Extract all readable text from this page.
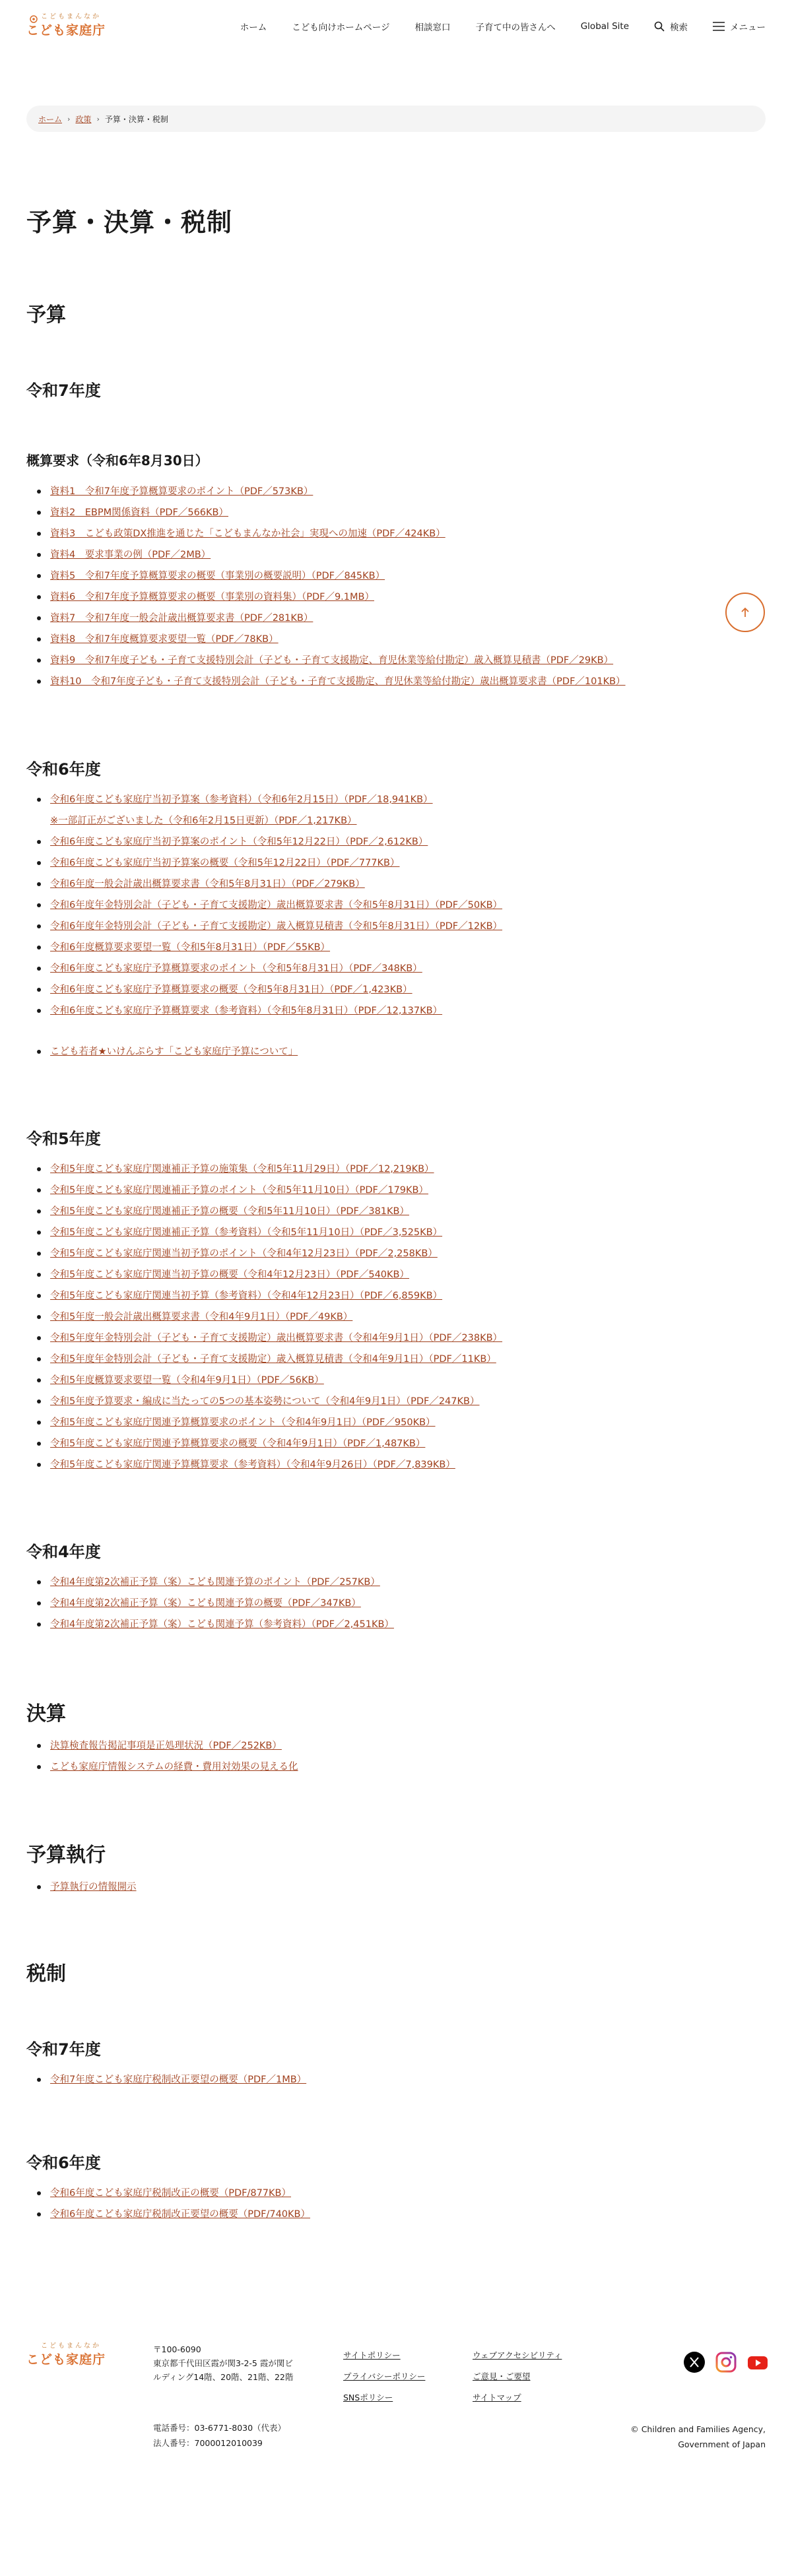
こどもまんなか
こども家庭庁	ホーム	こども向けホームページ	相談窓口	子育て中の皆さんへ	Global Site	検索	メニュー
ホーム › 政策 › 予算・決算・税制
予算・決算・税制
予算
令和7年度
概算要求（令和6年8月30日）
資料1　令和7年度予算概算要求のポイント（PDF／573KB）
資料2　EBPM関係資料（PDF／566KB）
資料3　こども政策DX推進を通じた「こどもまんなか社会」実現への加速（PDF／424KB）
資料4　要求事業の例（PDF／2MB）
資料5　令和7年度予算概算要求の概要（事業別の概要説明）（PDF／845KB）
資料6　令和7年度予算概算要求の概要（事業別の資料集）（PDF／9.1MB）
資料7　令和7年度一般会計歳出概算要求書（PDF／281KB）
資料8　令和7年度概算要求要望一覧（PDF／78KB）
資料9　令和7年度子ども・子育て支援特別会計（子ども・子育て支援勘定、育児休業等給付勘定）歳入概算見積書（PDF／29KB）
資料10　令和7年度子ども・子育て支援特別会計（子ども・子育て支援勘定、育児休業等給付勘定）歳出概算要求書（PDF／101KB）
令和6年度
令和6年度こども家庭庁当初予算案（参考資料）（令和6年2月15日）（PDF／18,941KB）
※一部訂正がございました（令和6年2月15日更新）（PDF／1,217KB）
令和6年度こども家庭庁当初予算案のポイント（令和5年12月22日）（PDF／2,612KB）
令和6年度こども家庭庁当初予算案の概要（令和5年12月22日）（PDF／777KB）
令和6年度一般会計歳出概算要求書（令和5年8月31日）（PDF／279KB）
令和6年度年金特別会計（子ども・子育て支援勘定）歳出概算要求書（令和5年8月31日）（PDF／50KB）
令和6年度年金特別会計（子ども・子育て支援勘定）歳入概算見積書（令和5年8月31日）（PDF／12KB）
令和6年度概算要求要望一覧（令和5年8月31日）（PDF／55KB）
令和6年度こども家庭庁予算概算要求のポイント（令和5年8月31日）（PDF／348KB）
令和6年度こども家庭庁予算概算要求の概要（令和5年8月31日）（PDF／1,423KB）
令和6年度こども家庭庁予算概算要求（参考資料）（令和5年8月31日）（PDF／12,137KB）
こども若者★いけんぷらす「こども家庭庁予算について」
令和5年度
令和5年度こども家庭庁関連補正予算の施策集（令和5年11月29日）（PDF／12,219KB）
令和5年度こども家庭庁関連補正予算のポイント（令和5年11月10日）（PDF／179KB）
令和5年度こども家庭庁関連補正予算の概要（令和5年11月10日）（PDF／381KB）
令和5年度こども家庭庁関連補正予算（参考資料）（令和5年11月10日）（PDF／3,525KB）
令和5年度こども家庭庁関連当初予算のポイント（令和4年12月23日）（PDF／2,258KB）
令和5年度こども家庭庁関連当初予算の概要（令和4年12月23日）（PDF／540KB）
令和5年度こども家庭庁関連当初予算（参考資料）（令和4年12月23日）（PDF／6,859KB）
令和5年度一般会計歳出概算要求書（令和4年9月1日）（PDF／49KB）
令和5年度年金特別会計（子ども・子育て支援勘定）歳出概算要求書（令和4年9月1日）（PDF／238KB）
令和5年度年金特別会計（子ども・子育て支援勘定）歳入概算見積書（令和4年9月1日）（PDF／11KB）
令和5年度概算要求要望一覧（令和4年9月1日）（PDF／56KB）
令和5年度予算要求・編成に当たっての5つの基本姿勢について（令和4年9月1日）（PDF／247KB）
令和5年度こども家庭庁関連予算概算要求のポイント（令和4年9月1日）（PDF／950KB）
令和5年度こども家庭庁関連予算概算要求の概要（令和4年9月1日）（PDF／1,487KB）
令和5年度こども家庭庁関連予算概算要求（参考資料）（令和4年9月26日）（PDF／7,839KB）
令和4年度
令和4年度第2次補正予算（案）こども関連予算のポイント（PDF／257KB）
令和4年度第2次補正予算（案）こども関連予算の概要（PDF／347KB）
令和4年度第2次補正予算（案）こども関連予算（参考資料）（PDF／2,451KB）
決算
決算検査報告掲記事項是正処理状況（PDF／252KB）
こども家庭庁情報システムの経費・費用対効果の見える化
予算執行
予算執行の情報開示
税制
令和7年度
令和7年度こども家庭庁税制改正要望の概要（PDF／1MB）
令和6年度
令和6年度こども家庭庁税制改正の概要（PDF/877KB）
令和6年度こども家庭庁税制改正要望の概要（PDF/740KB）
こどもまんなか
こども家庭庁
〒100-6090
東京都千代田区霞が関3-2-5 霞が関ビルディング14階、20階、21階、22階
電話番号：03-6771-8030（代表）
法人番号：7000012010039
サイトポリシー
プライバシーポリシー
SNSポリシー
ウェブアクセシビリティ
ご意見・ご要望
サイトマップ
© Children and Families Agency,
Government of Japan
